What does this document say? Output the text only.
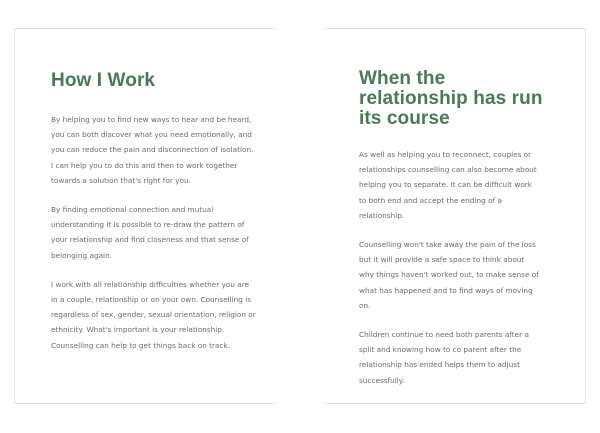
How I Work

By helping you to find new ways to hear and be heard, you can both discover what you need emotionally, and you can reduce the pain and disconnection of isolation. I can help you to do this and then to work together towards a solution that's right for you.

By finding emotional connection and mutual understanding it is possible to re-draw the pattern of your relationship and find closeness and that sense of belonging again.

I work with all relationship difficulties whether you are in a couple, relationship or on your own. Counselling is regardless of sex, gender, sexual orientation, religion or ethnicity. What's important is your relationship. Counselling can help to get things back on track.

When the relationship has run its course

As well as helping you to reconnect, couples or relationships counselling can also become about helping you to separate. It can be difficult work to both end and accept the ending of a relationship.

Counselling won't take away the pain of the loss but it will provide a safe space to think about why things haven't worked out, to make sense of what has happened and to find ways of moving on.

Children continue to need both parents after a split and knowing how to co parent after the relationship has ended helps them to adjust successfully.
